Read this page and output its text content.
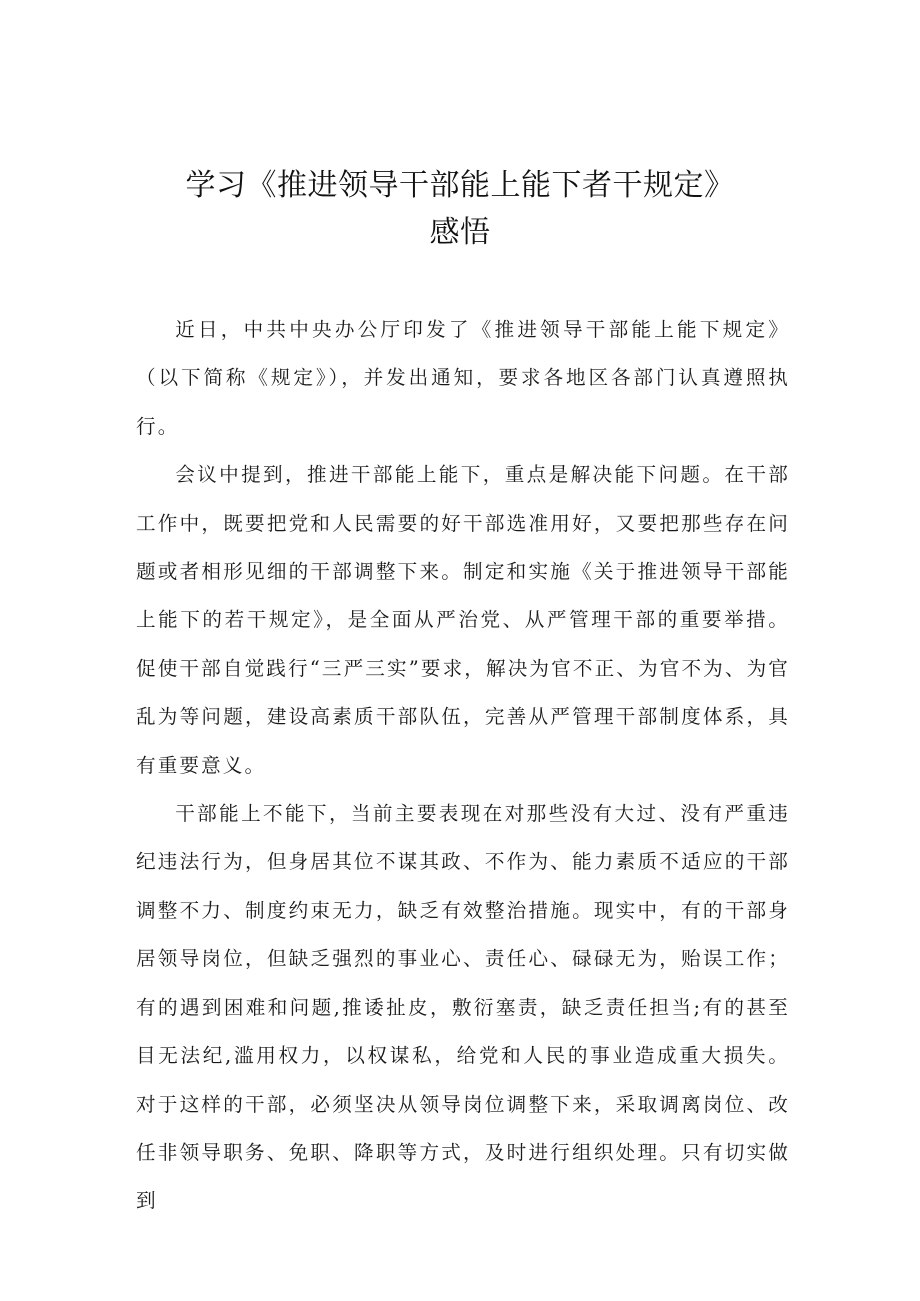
学习《推进领导干部能上能下者干规定》
感悟

近日，中共中央办公厅印发了《推进领导干部能上能下规定》（以下简称《规定》），并发出通知，要求各地区各部门认真遵照执行。

会议中提到，推进干部能上能下，重点是解决能下问题。在干部工作中，既要把党和人民需要的好干部选准用好，又要把那些存在问题或者相形见细的干部调整下来。制定和实施《关于推进领导干部能上能下的若干规定》，是全面从严治党、从严管理干部的重要举措。促使干部自觉践行“三严三实”要求，解决为官不正、为官不为、为官乱为等问题，建设高素质干部队伍，完善从严管理干部制度体系，具有重要意义。

干部能上不能下，当前主要表现在对那些没有大过、没有严重违纪违法行为，但身居其位不谋其政、不作为、能力素质不适应的干部调整不力、制度约束无力，缺乏有效整治措施。现实中，有的干部身居领导岗位，但缺乏强烈的事业心、责任心、碌碌无为，贻误工作；有的遇到困难和问题,推诿扯皮，敷衍塞责，缺乏责任担当;有的甚至目无法纪,滥用权力，以权谋私，给党和人民的事业造成重大损失。对于这样的干部，必须坚决从领导岗位调整下来，采取调离岗位、改任非领导职务、免职、降职等方式，及时进行组织处理。只有切实做到
